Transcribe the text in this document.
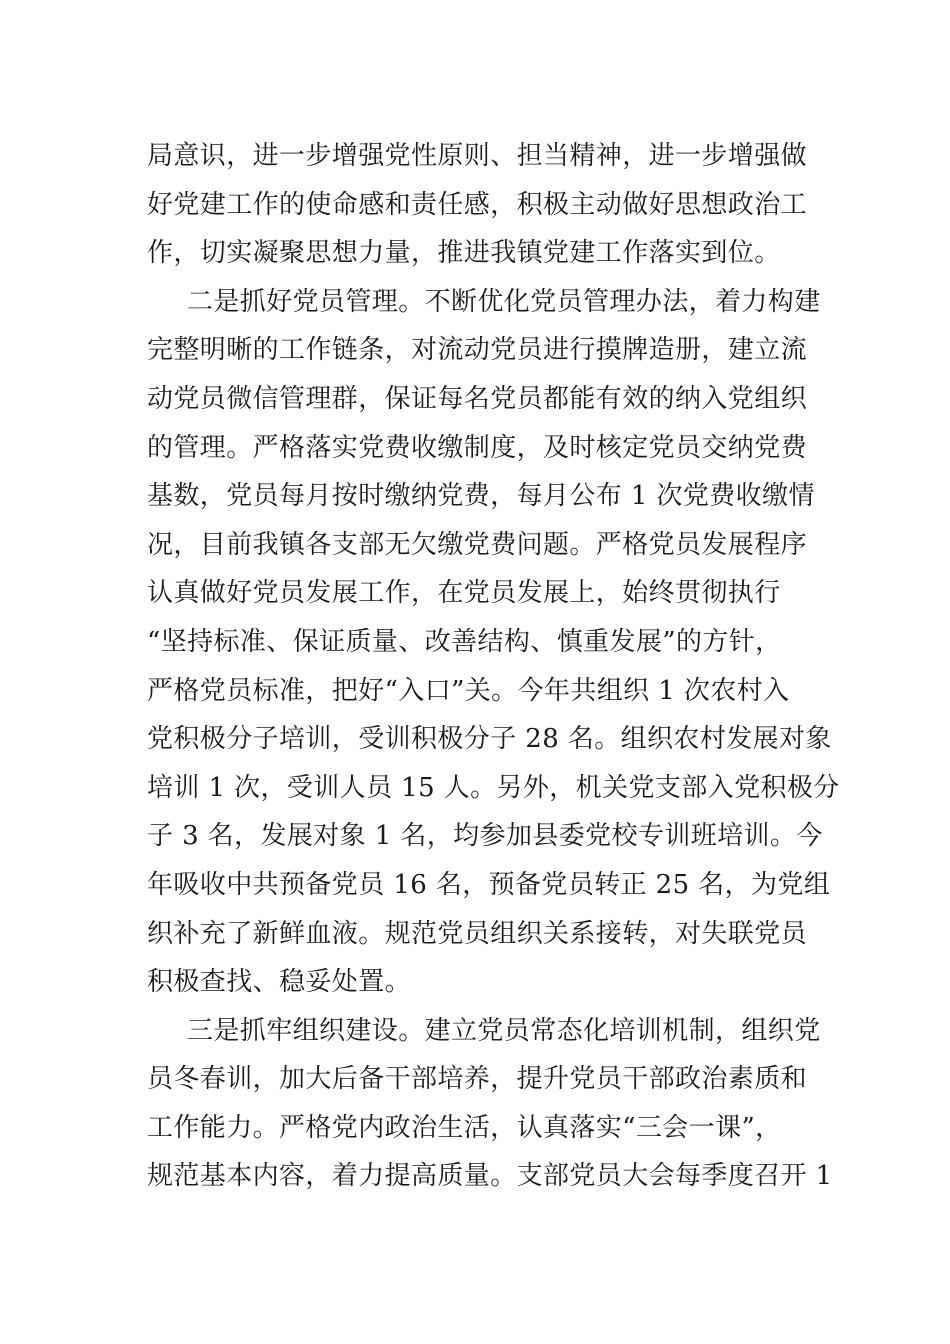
局意识，进一步增强党性原则、担当精神，进一步增强做
好党建工作的使命感和责任感，积极主动做好思想政治工
作，切实凝聚思想力量，推进我镇党建工作落实到位。
二是抓好党员管理。不断优化党员管理办法，着力构建
完整明晰的工作链条，对流动党员进行摸牌造册，建立流
动党员微信管理群，保证每名党员都能有效的纳入党组织
的管理。严格落实党费收缴制度，及时核定党员交纳党费
基数，党员每月按时缴纳党费，每月公布 1 次党费收缴情
况，目前我镇各支部无欠缴党费问题。严格党员发展程序
认真做好党员发展工作，在党员发展上，始终贯彻执行
“坚持标准、保证质量、改善结构、慎重发展”的方针，
严格党员标准，把好“入口”关。今年共组织 1 次农村入
党积极分子培训，受训积极分子 28 名。组织农村发展对象
培训 1 次，受训人员 15 人。另外，机关党支部入党积极分
子 3 名，发展对象 1 名，均参加县委党校专训班培训。今
年吸收中共预备党员 16 名，预备党员转正 25 名，为党组
织补充了新鲜血液。规范党员组织关系接转，对失联党员
积极查找、稳妥处置。
三是抓牢组织建设。建立党员常态化培训机制，组织党
员冬春训，加大后备干部培养，提升党员干部政治素质和
工作能力。严格党内政治生活，认真落实“三会一课”，
规范基本内容，着力提高质量。支部党员大会每季度召开 1
